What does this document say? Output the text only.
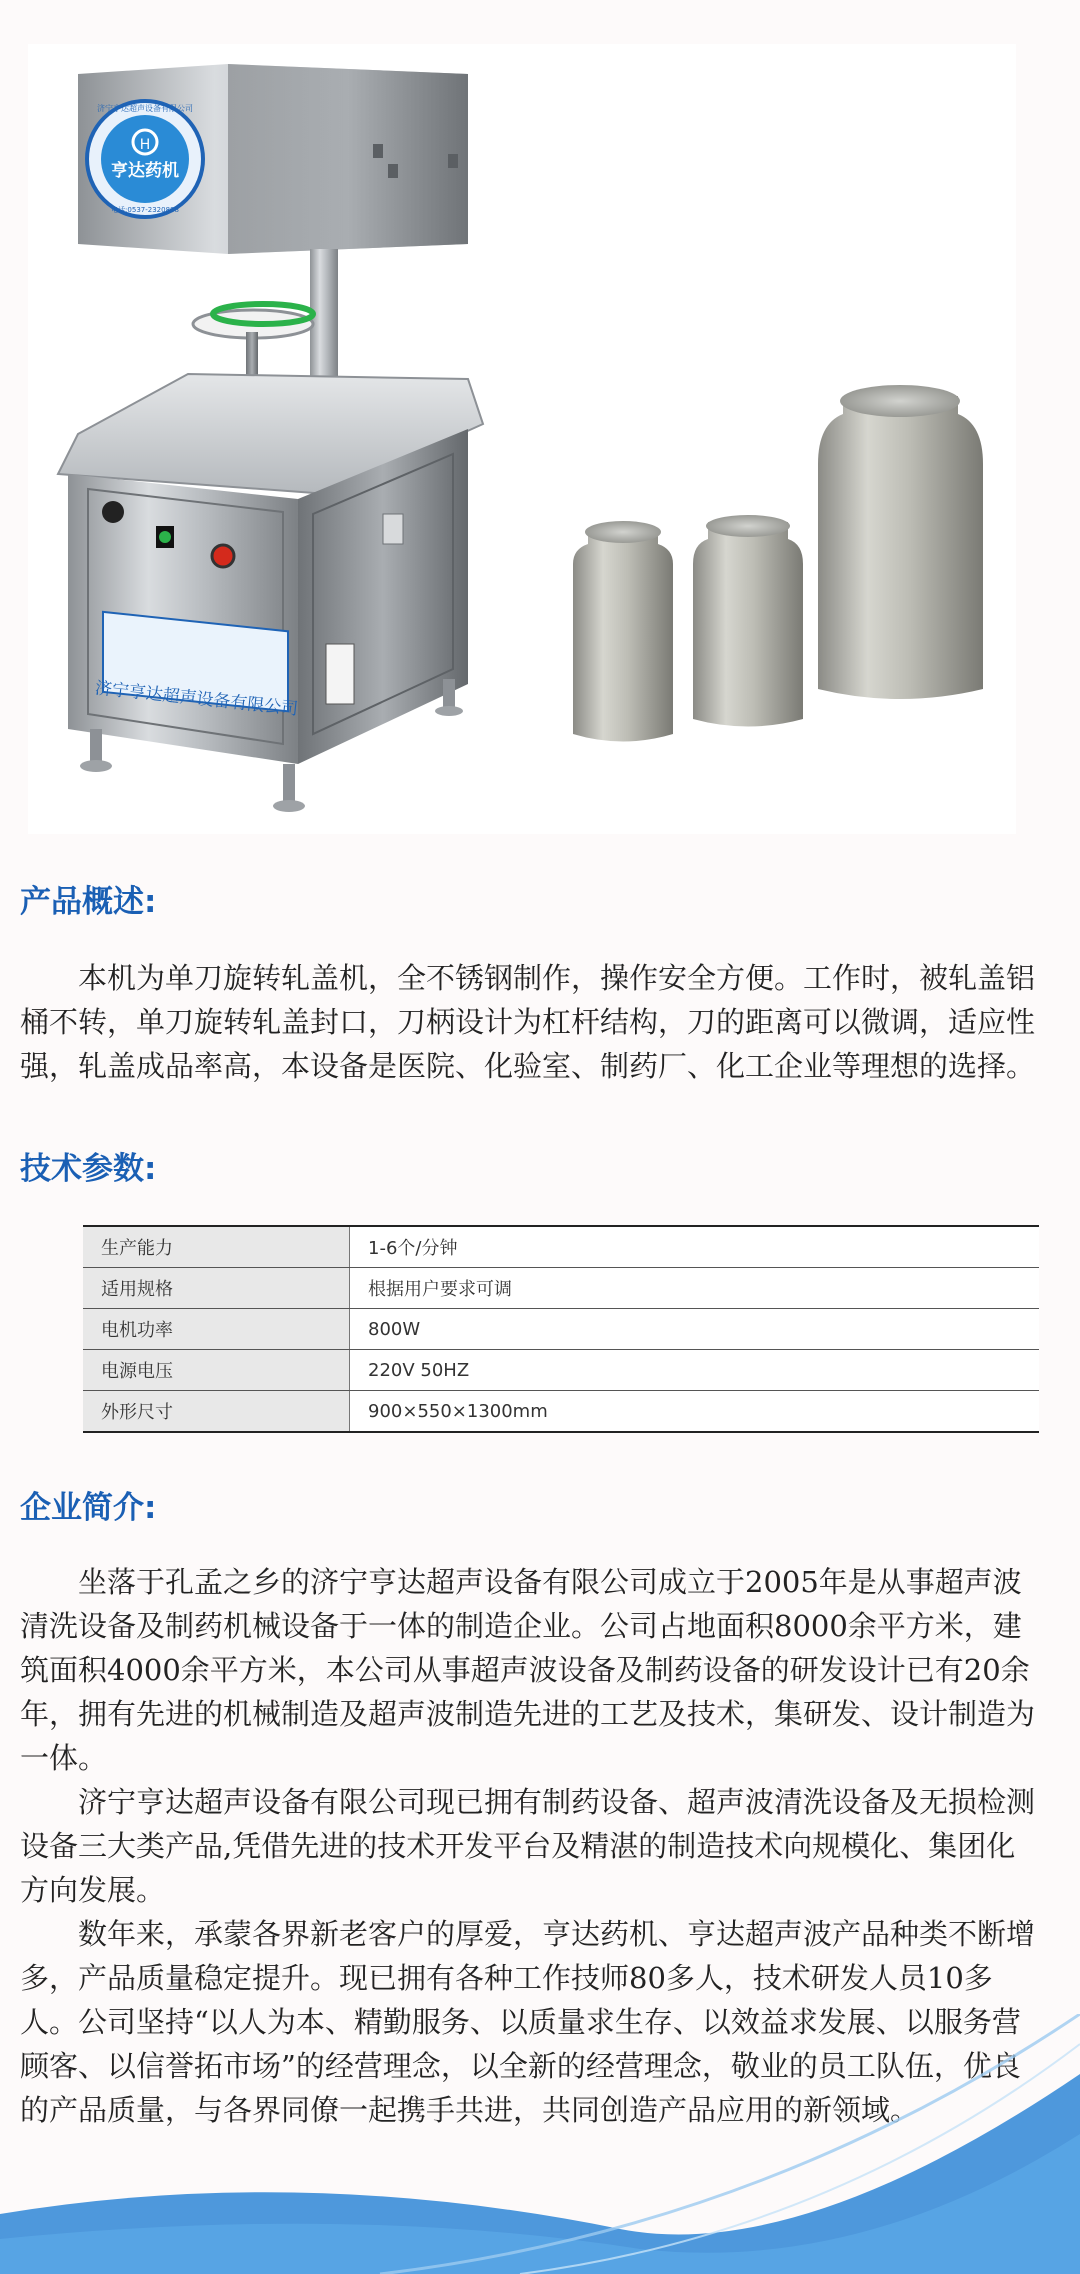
H
亨达药机
济宁亨达超声设备有限公司
电话:0537-2320888
济宁亨达超声设备有限公司
产品概述:

本机为单刀旋转轧盖机，全不锈钢制作，操作安全方便。工作时，被轧盖铝桶不转，单刀旋转轧盖封口，刀柄设计为杠杆结构，刀的距离可以微调，适应性强，轧盖成品率高，本设备是医院、化验室、制药厂、化工企业等理想的选择。

技术参数:
生产能力	1-6个/分钟
适用规格	根据用户要求可调
电机功率	800W
电源电压	220V 50HZ
外形尺寸	900×550×1300mm
企业简介:

坐落于孔孟之乡的济宁亨达超声设备有限公司成立于2005年是从事超声波清洗设备及制药机械设备于一体的制造企业。公司占地面积8000余平方米，建筑面积4000余平方米，本公司从事超声波设备及制药设备的研发设计已有20余年，拥有先进的机械制造及超声波制造先进的工艺及技术，集研发、设计制造为一体。

济宁亨达超声设备有限公司现已拥有制药设备、超声波清洗设备及无损检测设备三大类产品,凭借先进的技术开发平台及精湛的制造技术向规模化、集团化方向发展。

数年来，承蒙各界新老客户的厚爱，亨达药机、亨达超声波产品种类不断增多，产品质量稳定提升。现已拥有各种工作技师80多人，技术研发人员10多人。公司坚持“以人为本、精勤服务、以质量求生存、以效益求发展、以服务营顾客、以信誉拓市场”的经营理念，以全新的经营理念，敬业的员工队伍，优良的产品质量，与各界同僚一起携手共进，共同创造产品应用的新领域。
